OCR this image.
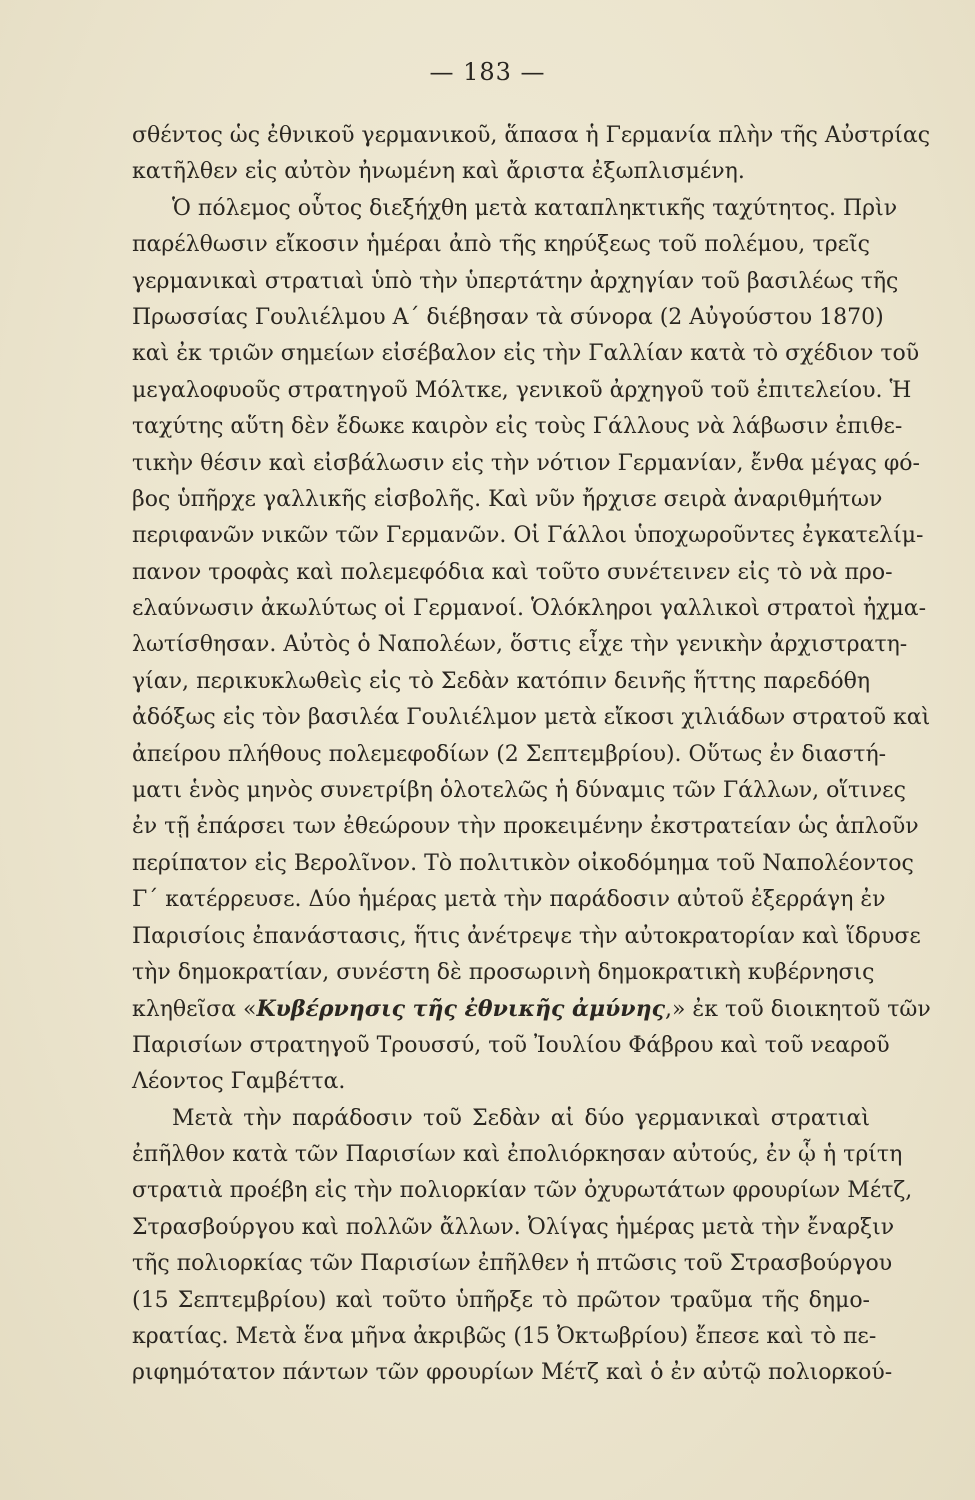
— 183 —
σθέντος ὡς ἐθνικοῦ γερμανικοῦ, ἅπασα ἡ Γερμανία πλὴν τῆς Αὐστρίας
κατῆλθεν εἰς αὐτὸν ἠνωμένη καὶ ἄριστα ἐξωπλισμένη.
Ὁ πόλεμος οὗτος διεξήχθη μετὰ καταπληκτικῆς ταχύτητος. Πρὶν
παρέλθωσιν εἴκοσιν ἡμέραι ἀπὸ τῆς κηρύξεως τοῦ πολέμου, τρεῖς
γερμανικαὶ στρατιαὶ ὑπὸ τὴν ὑπερτάτην ἀρχηγίαν τοῦ βασιλέως τῆς
Πρωσσίας Γουλιέλμου Α΄ διέβησαν τὰ σύνορα (2 Αὐγούστου 1870)
καὶ ἐκ τριῶν σημείων εἰσέβαλον εἰς τὴν Γαλλίαν κατὰ τὸ σχέδιον τοῦ
μεγαλοφυοῦς στρατηγοῦ Μόλτκε, γενικοῦ ἀρχηγοῦ τοῦ ἐπιτελείου. Ἡ
ταχύτης αὕτη δὲν ἔδωκε καιρὸν εἰς τοὺς Γάλλους νὰ λάβωσιν ἐπιθε-
τικὴν θέσιν καὶ εἰσβάλωσιν εἰς τὴν νότιον Γερμανίαν, ἔνθα μέγας φό-
βος ὑπῆρχε γαλλικῆς εἰσβολῆς. Καὶ νῦν ἤρχισε σειρὰ ἀναριθμήτων
περιφανῶν νικῶν τῶν Γερμανῶν. Οἱ Γάλλοι ὑποχωροῦντες ἐγκατελίμ-
πανον τροφὰς καὶ πολεμεφόδια καὶ τοῦτο συνέτεινεν εἰς τὸ νὰ προ-
ελαύνωσιν ἀκωλύτως οἱ Γερμανοί. Ὁλόκληροι γαλλικοὶ στρατοὶ ἠχμα-
λωτίσθησαν. Αὐτὸς ὁ Ναπολέων, ὅστις εἶχε τὴν γενικὴν ἀρχιστρατη-
γίαν, περικυκλωθεὶς εἰς τὸ Σεδὰν κατόπιν δεινῆς ἥττης παρεδόθη
ἀδόξως εἰς τὸν βασιλέα Γουλιέλμον μετὰ εἴκοσι χιλιάδων στρατοῦ καὶ
ἀπείρου πλήθους πολεμεφοδίων (2 Σεπτεμβρίου). Οὕτως ἐν διαστή-
ματι ἑνὸς μηνὸς συνετρίβη ὁλοτελῶς ἡ δύναμις τῶν Γάλλων, οἵτινες
ἐν τῇ ἐπάρσει των ἐθεώρουν τὴν προκειμένην ἐκστρατείαν ὡς ἁπλοῦν
περίπατον εἰς Βερολῖνον. Τὸ πολιτικὸν οἰκοδόμημα τοῦ Ναπολέοντος
Γ΄ κατέρρευσε. Δύο ἡμέρας μετὰ τὴν παράδοσιν αὐτοῦ ἐξερράγη ἐν
Παρισίοις ἐπανάστασις, ἥτις ἀνέτρεψε τὴν αὐτοκρατορίαν καὶ ἵδρυσε
τὴν δημοκρατίαν, συνέστη δὲ προσωρινὴ δημοκρατικὴ κυβέρνησις
κληθεῖσα «Κυβέρνησις τῆς ἐθνικῆς ἀμύνης,» ἐκ τοῦ διοικητοῦ τῶν
Παρισίων στρατηγοῦ Τρουσσύ, τοῦ Ἰουλίου Φάβρου καὶ τοῦ νεαροῦ
Λέοντος Γαμβέττα.
Μετὰ τὴν παράδοσιν τοῦ Σεδὰν αἱ δύο γερμανικαὶ στρατιαὶ
ἐπῆλθον κατὰ τῶν Παρισίων καὶ ἐπολιόρκησαν αὐτούς, ἐν ᾧ ἡ τρίτη
στρατιὰ προέβη εἰς τὴν πολιορκίαν τῶν ὀχυρωτάτων φρουρίων Μέτζ,
Στρασβούργου καὶ πολλῶν ἄλλων. Ὀλίγας ἡμέρας μετὰ τὴν ἔναρξιν
τῆς πολιορκίας τῶν Παρισίων ἐπῆλθεν ἡ πτῶσις τοῦ Στρασβούργου
(15 Σεπτεμβρίου) καὶ τοῦτο ὑπῆρξε τὸ πρῶτον τραῦμα τῆς δημο-
κρατίας. Μετὰ ἕνα μῆνα ἀκριβῶς (15 Ὀκτωβρίου) ἔπεσε καὶ τὸ πε-
ριφημότατον πάντων τῶν φρουρίων Μέτζ καὶ ὁ ἐν αὐτῷ πολιορκού-
